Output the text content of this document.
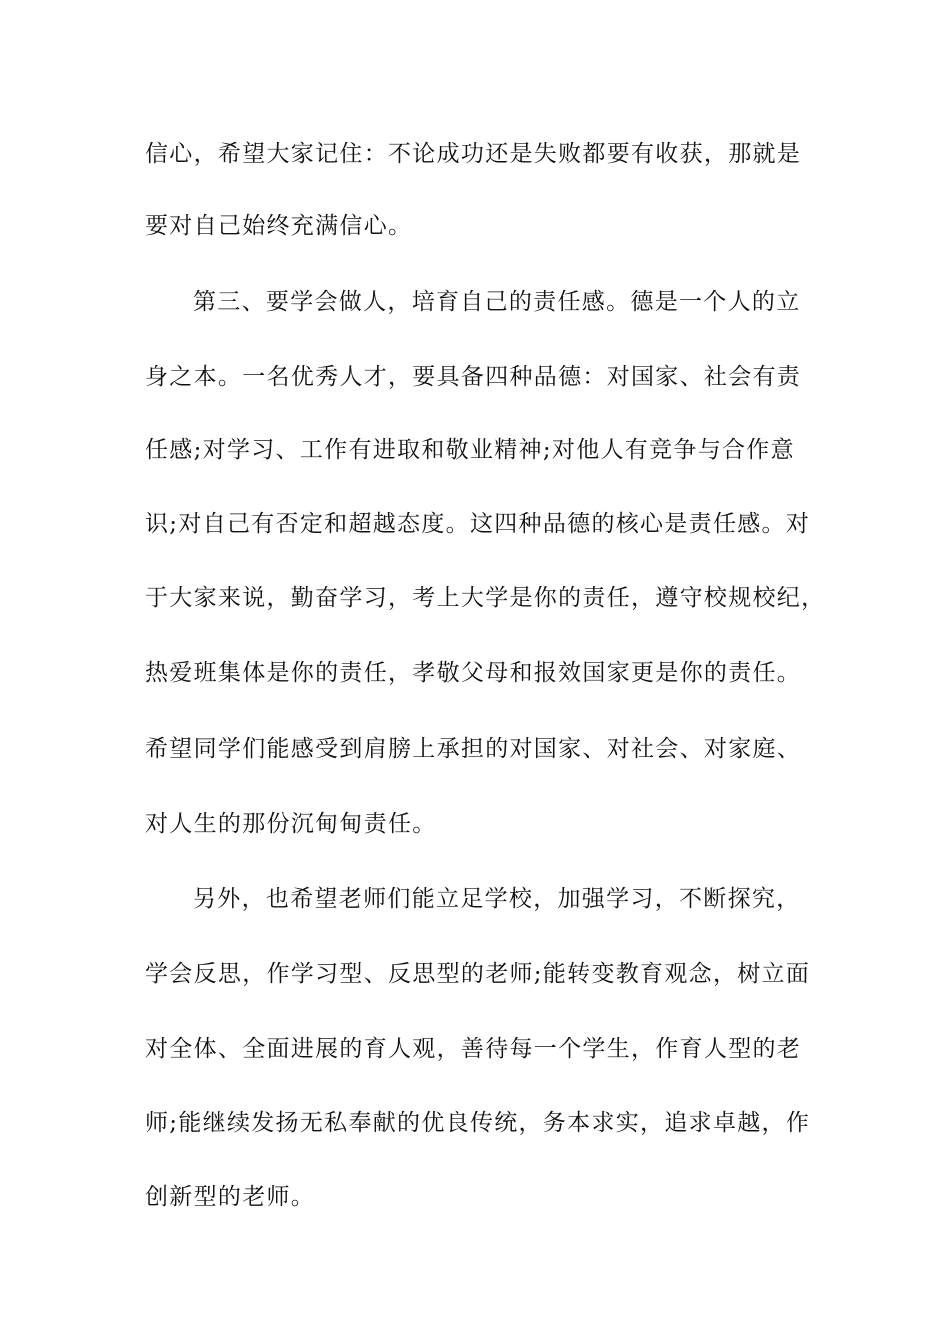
信心，希望大家记住：不论成功还是失败都要有收获，那就是
要对自己始终充满信心。
第三、要学会做人，培育自己的责任感。德是一个人的立
身之本。一名优秀人才，要具备四种品德：对国家、社会有责
任感;对学习、工作有进取和敬业精神;对他人有竞争与合作意
识;对自己有否定和超越态度。这四种品德的核心是责任感。对
于大家来说，勤奋学习，考上大学是你的责任，遵守校规校纪，
热爱班集体是你的责任，孝敬父母和报效国家更是你的责任。
希望同学们能感受到肩膀上承担的对国家、对社会、对家庭、
对人生的那份沉甸甸责任。
另外，也希望老师们能立足学校，加强学习，不断探究，
学会反思，作学习型、反思型的老师;能转变教育观念，树立面
对全体、全面进展的育人观，善待每一个学生，作育人型的老
师;能继续发扬无私奉献的优良传统，务本求实，追求卓越，作
创新型的老师。
